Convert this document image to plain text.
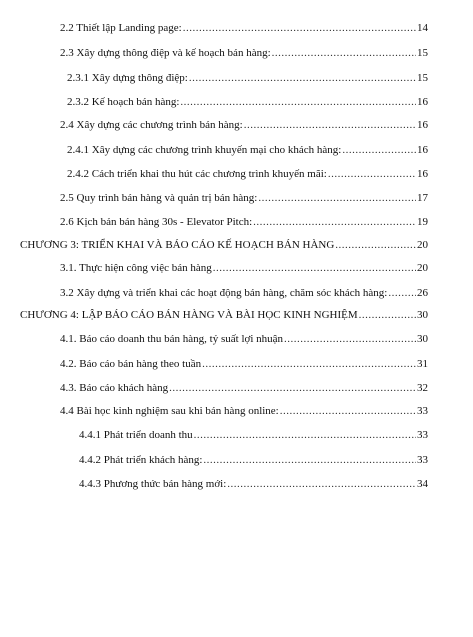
2.2 Thiết lập Landing page: .....	14
2.3 Xây dựng thông điệp và kế hoạch bán hàng: .....	15
2.3.1 Xây dựng thông điệp: .....	15
2.3.2 Kế hoạch bán hàng: .....	16
2.4 Xây dựng các chương trình bán hàng: .....	16
2.4.1 Xây dựng các chương trình khuyến mại cho khách hàng: .....	16
2.4.2 Cách triển khai thu hút các chương trình khuyến mãi: .....	16
2.5 Quy trình bán hàng và quản trị bán hàng: .....	17
2.6 Kịch bản bán hàng 30s - Elevator Pitch: .....	19
CHƯƠNG 3: TRIỂN KHAI VÀ BÁO CÁO KẾ HOẠCH BÁN HÀNG .....	20
3.1. Thực hiện công việc bán hàng .....	20
3.2 Xây dựng và triển khai các hoạt động bán hàng, chăm sóc khách hàng: .....	26
CHƯƠNG 4: LẬP BÁO CÁO BÁN HÀNG VÀ BÀI HỌC KINH NGHIỆM .....	30
4.1. Báo cáo doanh thu bán hàng, tỷ suất lợi nhuận .....	30
4.2. Báo cáo bán hàng theo tuần .....	31
4.3. Báo cáo khách hàng .....	32
4.4 Bài học kinh nghiệm sau khi bán hàng online: .....	33
4.4.1 Phát triển doanh thu .....	33
4.4.2 Phát triển khách hàng: .....	33
4.4.3 Phương thức bán hàng mới: .....	34
